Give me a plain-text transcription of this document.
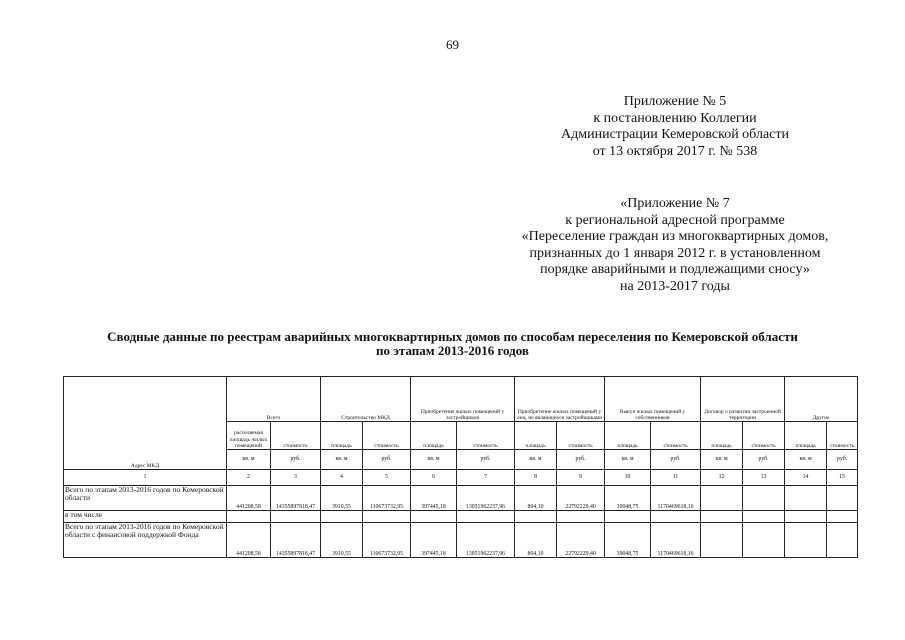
69
Приложение № 5
к постановлению Коллегии
Администрации Кемеровской области
от 13 октября 2017 г. № 538
«Приложение № 7
к региональной адресной программе
«Переселение граждан из многоквартирных домов,
признанных до 1 января 2012 г. в установленном
порядке аварийными и подлежащими сносу»
на 2013-2017 годы
Сводные данные по реестрам аварийных многоквартирных домов по способам переселения по Кемеровской области
по этапам 2013-2016 годов
Адрес МКД	Всего		Строительство МКД		Приобретение жилых помещений у застройщиков		Приобретение жилых помещений у лиц, не являющихся застройщиками		Выкуп жилых помещений у собственников		Договор о развитии застроенной территории		Другие	
	расселяемая площадь жилых помещений	стоимость	площадь	стоимость	площадь	стоимость	площадь	стоимость	площадь	стоимость	площадь	стоимость	площадь	стоимость
	кв. м	руб.	кв. м	руб.	кв. м	руб.	кв. м	руб.	кв. м	руб.	кв. м	руб.	кв. м	руб.
1	2	3	4	5	6	7	8	9	10	11	12	13	14	15
Всего по этапам 2013-2016 годов по Кемеровской области	441208,58	14355897818,47	3910,55	110673732,95	397445,18	13051962237,96	804,10	22792229,40	39048,75	1170469618,16				
в том числе														
Всего по этапам 2013-2016 годов по Кемеровской области с финансовой поддержкой Фонда	441208,58	14355897818,47	3910,55	110673732,95	397445,18	13051962237,96	804,10	22792229,40	39048,75	1170469618,16				
